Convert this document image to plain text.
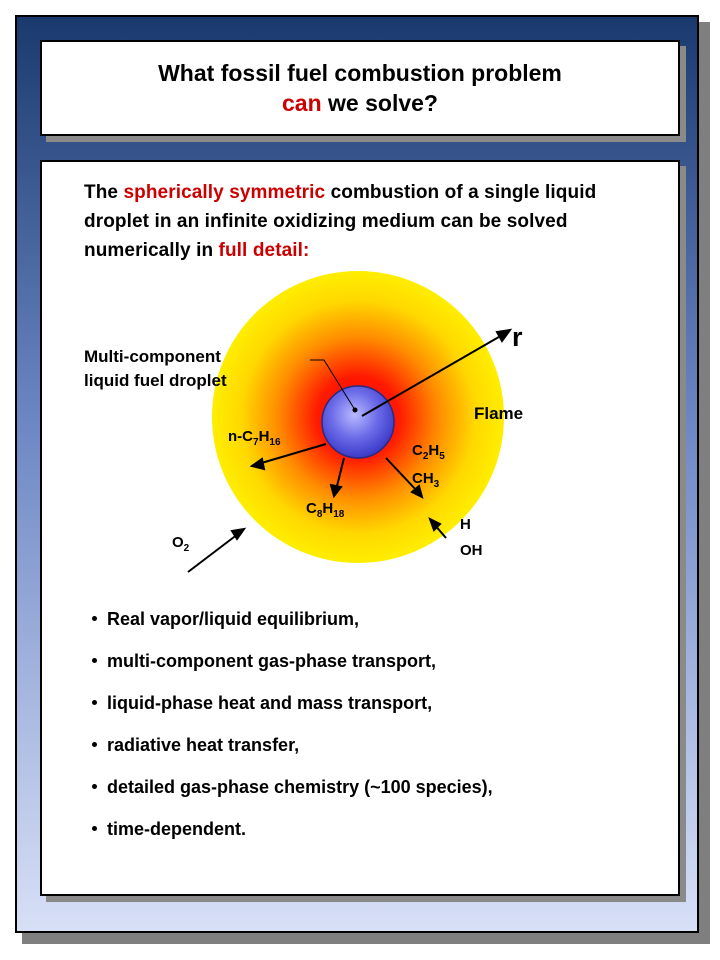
What fossil fuel combustion problem
can we solve?
The spherically symmetric combustion of a single liquid droplet in an infinite oxidizing medium can be solved numerically in full detail:
Multi-component
liquid fuel droplet
r
Flame
$n-C_7H_{16}$
$C_8H_{18}$
$C_2H_5$
$CH_3$
H
OH
$O_2$
Real vapor/liquid equilibrium,
multi-component gas-phase transport,
liquid-phase heat and mass transport,
radiative heat transfer,
detailed gas-phase chemistry (~100 species),
time-dependent.
